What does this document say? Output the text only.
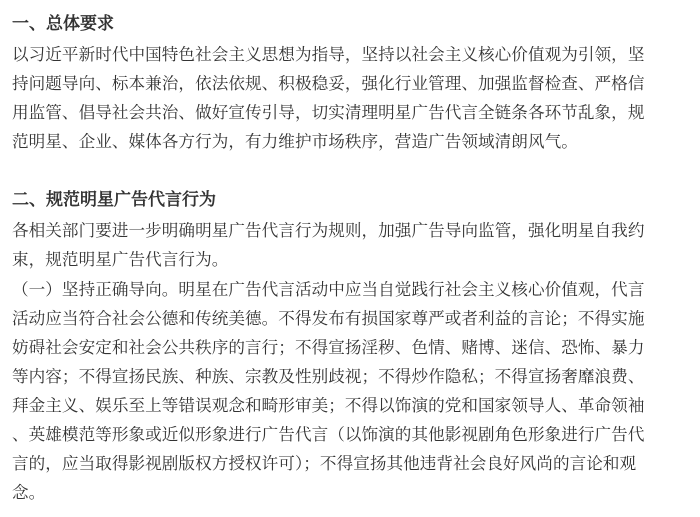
一、总体要求
以习近平新时代中国特色社会主义思想为指导，坚持以社会主义核心价值观为引领，坚
持问题导向、标本兼治，依法依规、积极稳妥，强化行业管理、加强监督检查、严格信
用监管、倡导社会共治、做好宣传引导，切实清理明星广告代言全链条各环节乱象，规
范明星、企业、媒体各方行为，有力维护市场秩序，营造广告领域清朗风气。
二、规范明星广告代言行为
各相关部门要进一步明确明星广告代言行为规则，加强广告导向监管，强化明星自我约
束，规范明星广告代言行为。
（一）坚持正确导向。明星在广告代言活动中应当自觉践行社会主义核心价值观，代言
活动应当符合社会公德和传统美德。不得发布有损国家尊严或者利益的言论；不得实施
妨碍社会安定和社会公共秩序的言行；不得宣扬淫秽、色情、赌博、迷信、恐怖、暴力
等内容；不得宣扬民族、种族、宗教及性别歧视；不得炒作隐私；不得宣扬奢靡浪费、
拜金主义、娱乐至上等错误观念和畸形审美；不得以饰演的党和国家领导人、革命领袖
、英雄模范等形象或近似形象进行广告代言（以饰演的其他影视剧角色形象进行广告代
言的，应当取得影视剧版权方授权许可）；不得宣扬其他违背社会良好风尚的言论和观
念。
